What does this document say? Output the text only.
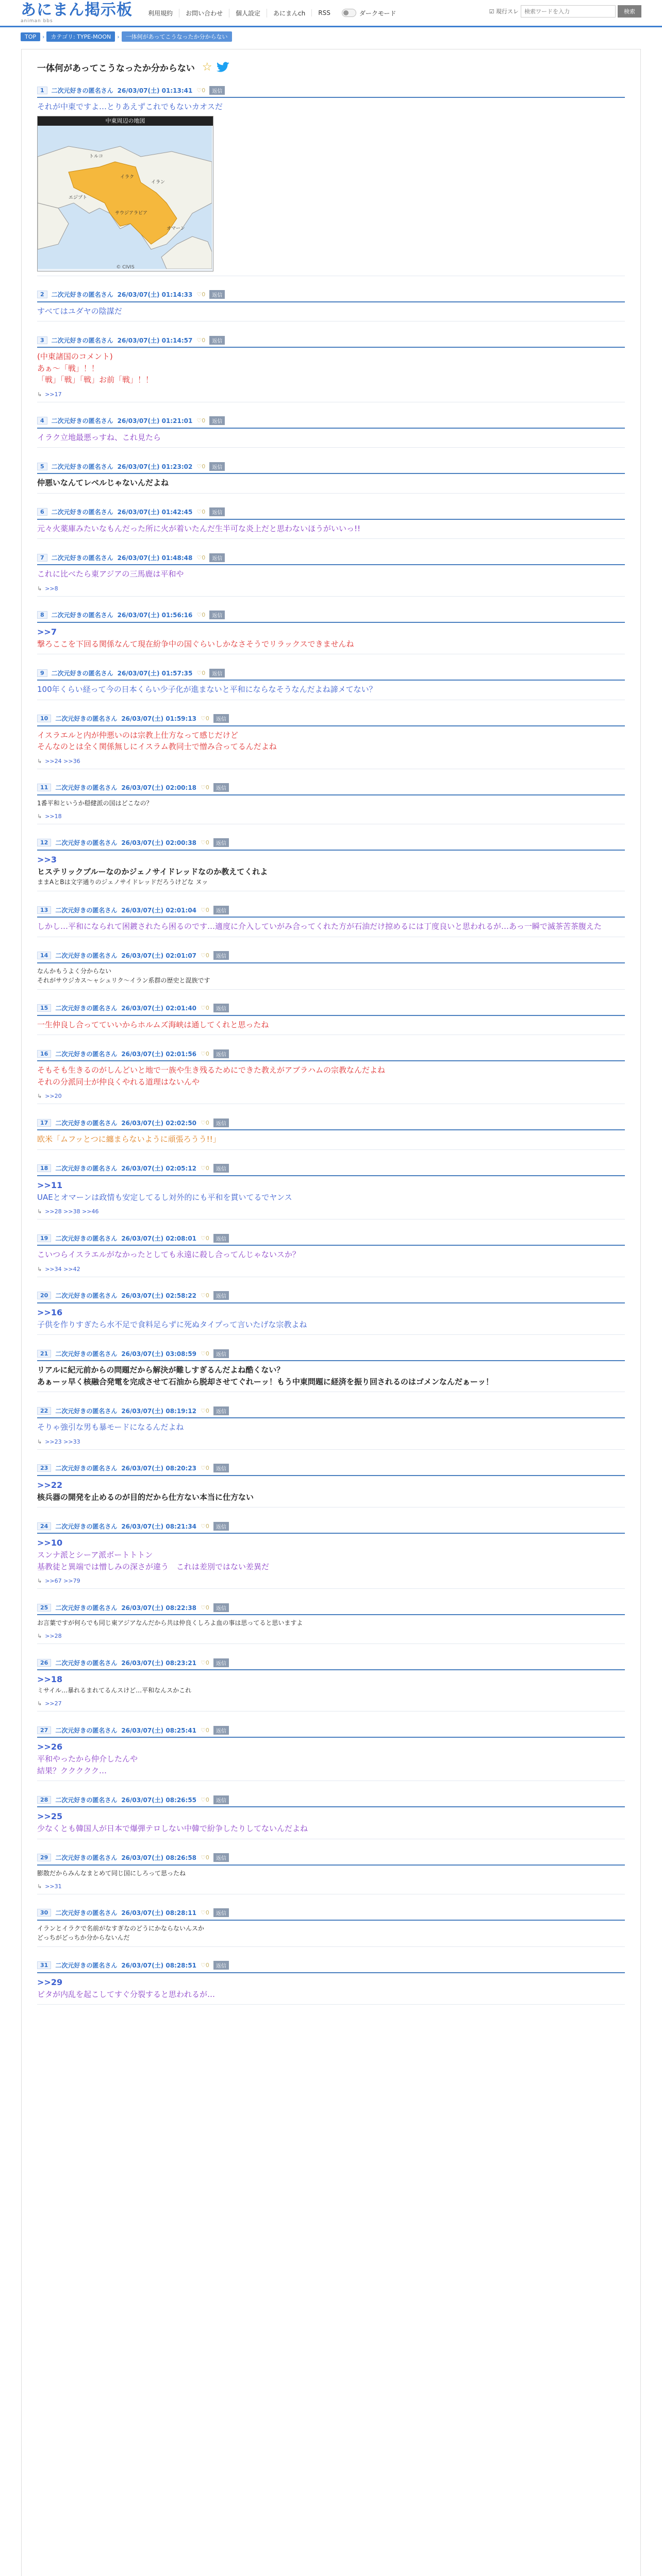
あにまん掲示板
animan bbs
利用規約	お問い合わせ	個人設定	あにまんch	RSS	ダークモード	☑ 現行スレ
検索ワードを入力	検索
TOP	›	カテゴリ: TYPE-MOON	›	一体何があってこうなったか分からない
一体何があってこうなったか分からない ☆
1	二次元好きの匿名さん 26/03/07(土) 01:13:41 ♡0	返信
それが中東ですよ…とりあえずこれでもないカオスだ
中東周辺の地図
トルコ
イラン
サウジアラビア
エジプト
イラク
オマーン
© CIVIS
2	二次元好きの匿名さん 26/03/07(土) 01:14:33 ♡0	返信
すべてはユダヤの陰謀だ
3	二次元好きの匿名さん 26/03/07(土) 01:14:57 ♡0	返信
(中東諸国のコメント)
あぁ～「戦」！！
「戦」「戦」「戦」お前「戦」！！
↳ >>17
4	二次元好きの匿名さん 26/03/07(土) 01:21:01 ♡0	返信
イラク立地最悪っすね、これ見たら
5	二次元好きの匿名さん 26/03/07(土) 01:23:02 ♡0	返信
仲悪いなんてレベルじゃないんだよね
6	二次元好きの匿名さん 26/03/07(土) 01:42:45 ♡0	返信
元々火薬庫みたいなもんだった所に火が着いたんだ生半可な炎上だと思わないほうがいいっ!!
7	二次元好きの匿名さん 26/03/07(土) 01:48:48 ♡0	返信
これに比べたら東アジアの三馬鹿は平和や
↳ >>8
8	二次元好きの匿名さん 26/03/07(土) 01:56:16 ♡0	返信
>>7
撃ろここを下回る関係なんて現在紛争中の国ぐらいしかなさそうでリラックスできませんね
9	二次元好きの匿名さん 26/03/07(土) 01:57:35 ♡0	返信
100年くらい経って今の日本くらい少子化が進まないと平和にならなそうなんだよね諦メてない？
10	二次元好きの匿名さん 26/03/07(土) 01:59:13 ♡0	返信
イスラエルと内が仲悪いのは宗教上仕方なって感じだけど
そんなのとは全く関係無しにイスラム教同士で憎み合ってるんだよね
↳ >>24 >>36
11	二次元好きの匿名さん 26/03/07(土) 02:00:18 ♡0	返信
1番平和というか穏健派の国はどこなの？
↳ >>18
12	二次元好きの匿名さん 26/03/07(土) 02:00:38 ♡0	返信
>>3
ヒステリックブルーなのかジェノサイドレッドなのか教えてくれよ
ままAとBは文字通りのジェノサイドレッドだろうけどな ヌッ
13	二次元好きの匿名さん 26/03/07(土) 02:01:04 ♡0	返信
しかし…平和になられて困鍍されたら困るのです…適度に介入していがみ合ってくれた方が石油だけ掠めるには丁度良いと思われるが…あっ一瞬で滅茶苦茶腹えた
14	二次元好きの匿名さん 26/03/07(土) 02:01:07 ♡0	返信
なんかもうよく分からない
それがサウジカス〜ャシュリク〜イラン系群の歴史と混族です
15	二次元好きの匿名さん 26/03/07(土) 02:01:40 ♡0	返信
一生仲良し合ってていいからホルムズ海峡は通してくれと思ったね
16	二次元好きの匿名さん 26/03/07(土) 02:01:56 ♡0	返信
そもそも生きるのがしんどいと地で一族や生き残るためにできた教えがアブラハムの宗教なんだよね
それの分派同士が仲良くやれる道理はないんや
↳ >>20
17	二次元好きの匿名さん 26/03/07(土) 02:02:50 ♡0	返信
欧米「ムフッとつに纏まらないように頑張ろうう!!」
18	二次元好きの匿名さん 26/03/07(土) 02:05:12 ♡0	返信
>>11
UAEとオマーンは政情も安定してるし対外的にも平和を貫いてるでヤンス
↳ >>28 >>38 >>46
19	二次元好きの匿名さん 26/03/07(土) 02:08:01 ♡0	返信
こいつらイスラエルがなかったとしても永遠に殺し合ってんじゃないスか？
↳ >>34 >>42
20	二次元好きの匿名さん 26/03/07(土) 02:58:22 ♡0	返信
>>16
子供を作りすぎたら水不足で食料足らずに死ぬタイプって言いたげな宗教よね
21	二次元好きの匿名さん 26/03/07(土) 03:08:59 ♡0	返信
リアルに紀元前からの問題だから解決が難しすぎるんだよね酷くない？
あぁーッ早く核融合発電を完成させて石油から脱却させてぐれーッ！もう中東問題に経済を振り回されるのはゴメンなんだぁーッ！
22	二次元好きの匿名さん 26/03/07(土) 08:19:12 ♡0	返信
そりゃ強引な男も暴モードになるんだよね
↳ >>23 >>33
23	二次元好きの匿名さん 26/03/07(土) 08:20:23 ♡0	返信
>>22
核兵器の開発を止めるのが目的だから仕方ない本当に仕方ない
24	二次元好きの匿名さん 26/03/07(土) 08:21:34 ♡0	返信
>>10
スンナ派とシーア派ボートトトン
基教徒と異端では憎しみの深さが違う　これは差別ではない差異だ
↳ >>67 >>79
25	二次元好きの匿名さん 26/03/07(土) 08:22:38 ♡0	返信
お言葉ですが何らでも同じ東アジアなんだから共は仲良くしろよ血の事は思ってると思いますよ
↳ >>28
26	二次元好きの匿名さん 26/03/07(土) 08:23:21 ♡0	返信
>>18
ミサイル…暴れるまれてるんスけど…平和なんスかこれ
↳ >>27
27	二次元好きの匿名さん 26/03/07(土) 08:25:41 ♡0	返信
>>26
平和やったから仲介したんや
結果？ククククク…
28	二次元好きの匿名さん 26/03/07(土) 08:26:55 ♡0	返信
>>25
少なくとも韓国人が日本で爆弾テロしない中韓で紛争したりしてないんだよね
29	二次元好きの匿名さん 26/03/07(土) 08:26:58 ♡0	返信
膨散だからみんなまとめて同じ国にしろって思ったね
↳ >>31
30	二次元好きの匿名さん 26/03/07(土) 08:28:11 ♡0	返信
イランとイラクで名前がなすぎなのどうにかならないんスか
どっちがどっちか分からないんだ
31	二次元好きの匿名さん 26/03/07(土) 08:28:51 ♡0	返信
>>29
ビタが内乱を起こしてすぐ分裂すると思われるが…
